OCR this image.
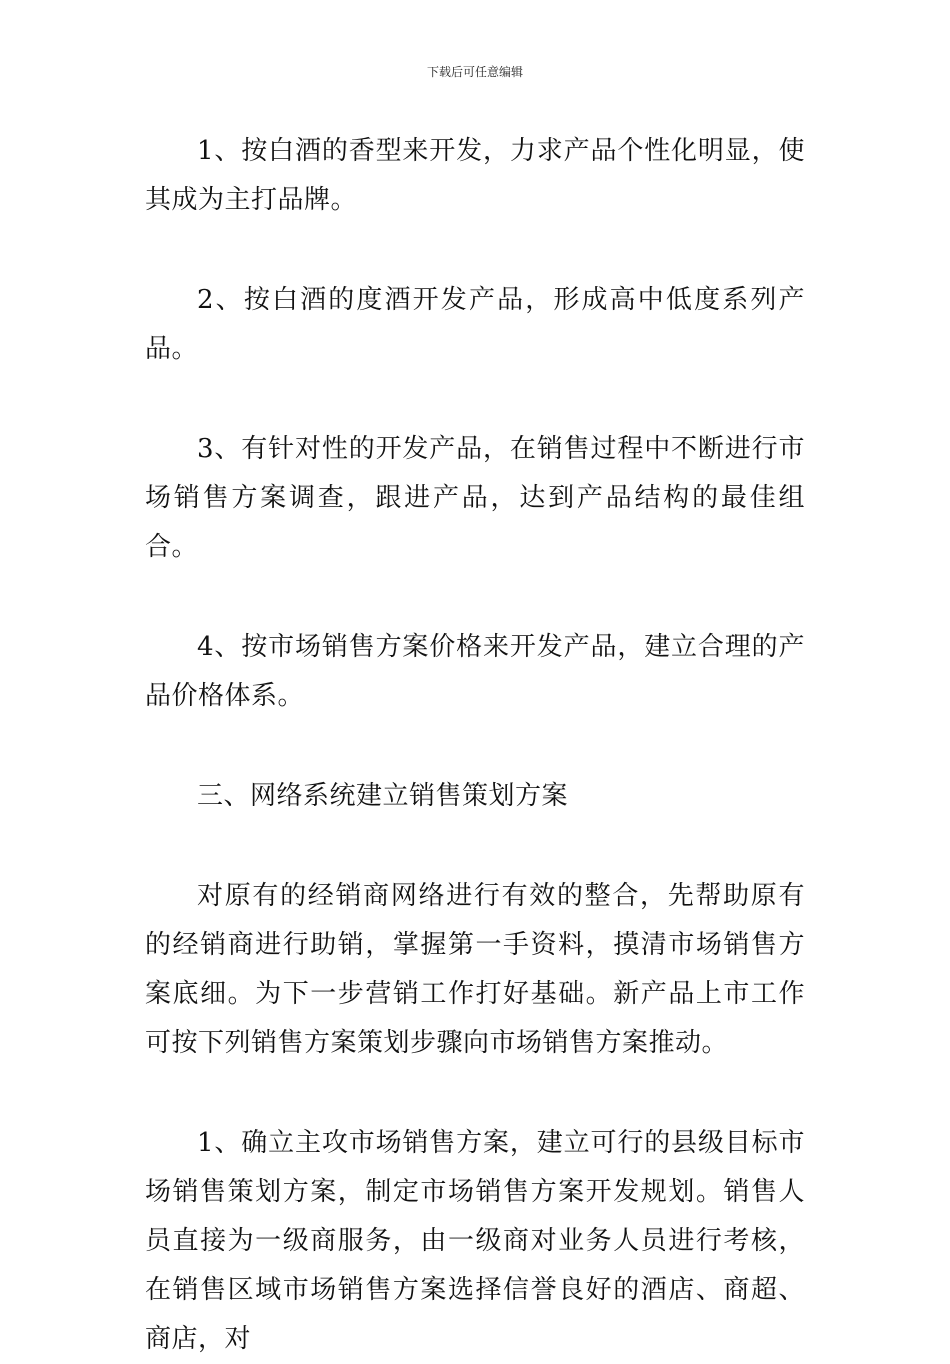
下载后可任意编辑

1、按白酒的香型来开发，力求产品个性化明显，使其成为主打品牌。

2、按白酒的度酒开发产品，形成高中低度系列产品。

3、有针对性的开发产品，在销售过程中不断进行市场销售方案调查，跟进产品，达到产品结构的最佳组合。

4、按市场销售方案价格来开发产品，建立合理的产品价格体系。

三、网络系统建立销售策划方案

对原有的经销商网络进行有效的整合，先帮助原有的经销商进行助销，掌握第一手资料，摸清市场销售方案底细。为下一步营销工作打好基础。新产品上市工作可按下列销售方案策划步骤向市场销售方案推动。

1、确立主攻市场销售方案，建立可行的县级目标市场销售策划方案，制定市场销售方案开发规划。销售人员直接为一级商服务，由一级商对业务人员进行考核，在销售区域市场销售方案选择信誉良好的酒店、商超、商店，对
